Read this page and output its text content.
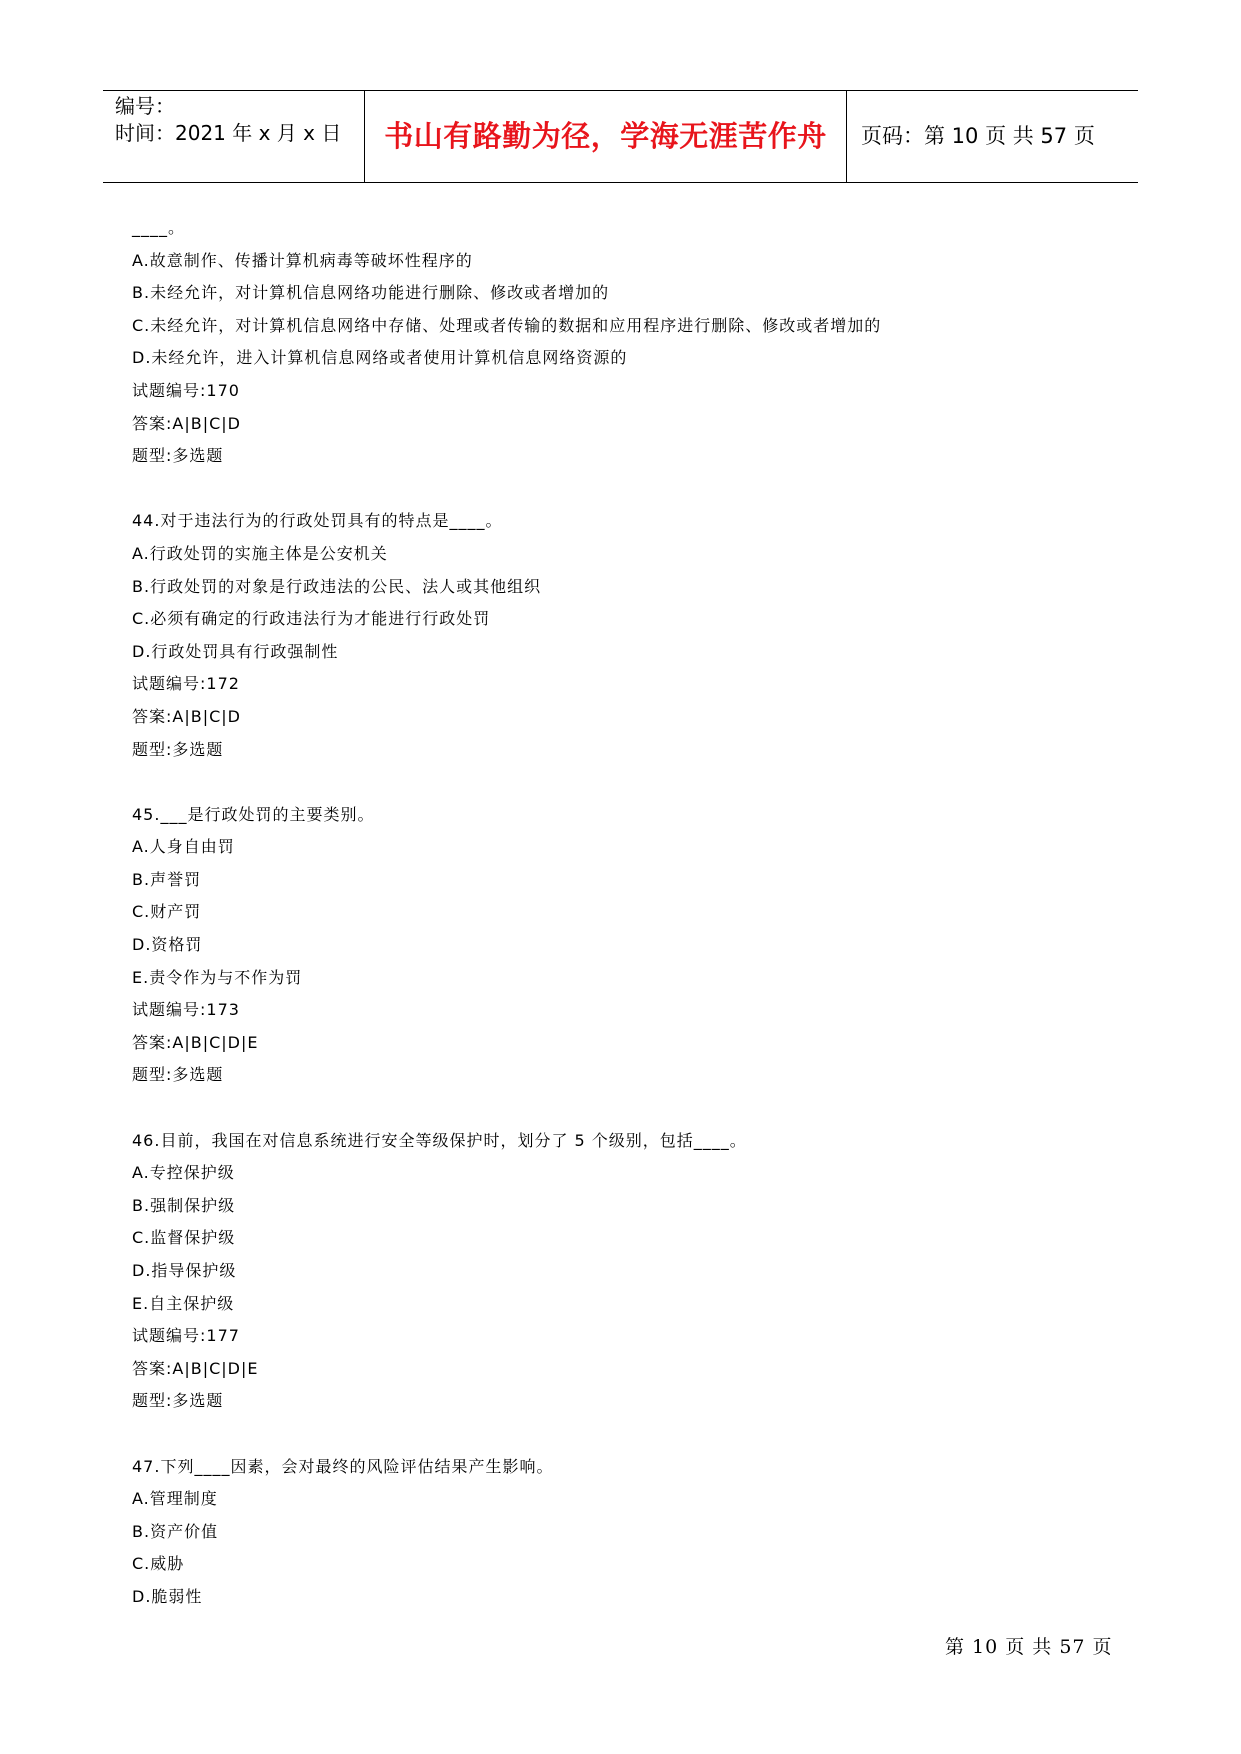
编号：
时间：2021 年 x 月 x 日	书山有路勤为径，学海无涯苦作舟	页码：第 10 页 共 57 页
____。
A.故意制作、传播计算机病毒等破坏性程序的
B.未经允许，对计算机信息网络功能进行删除、修改或者增加的
C.未经允许，对计算机信息网络中存储、处理或者传输的数据和应用程序进行删除、修改或者增加的
D.未经允许，进入计算机信息网络或者使用计算机信息网络资源的
试题编号:170
答案:A|B|C|D
题型:多选题
44.对于违法行为的行政处罚具有的特点是____。
A.行政处罚的实施主体是公安机关
B.行政处罚的对象是行政违法的公民、法人或其他组织
C.必须有确定的行政违法行为才能进行行政处罚
D.行政处罚具有行政强制性
试题编号:172
答案:A|B|C|D
题型:多选题
45.___是行政处罚的主要类别。
A.人身自由罚
B.声誉罚
C.财产罚
D.资格罚
E.责令作为与不作为罚
试题编号:173
答案:A|B|C|D|E
题型:多选题
46.目前，我国在对信息系统进行安全等级保护时，划分了 5 个级别，包括____。
A.专控保护级
B.强制保护级
C.监督保护级
D.指导保护级
E.自主保护级
试题编号:177
答案:A|B|C|D|E
题型:多选题
47.下列____因素，会对最终的风险评估结果产生影响。
A.管理制度
B.资产价值
C.威胁
D.脆弱性
第 10 页 共 57 页
